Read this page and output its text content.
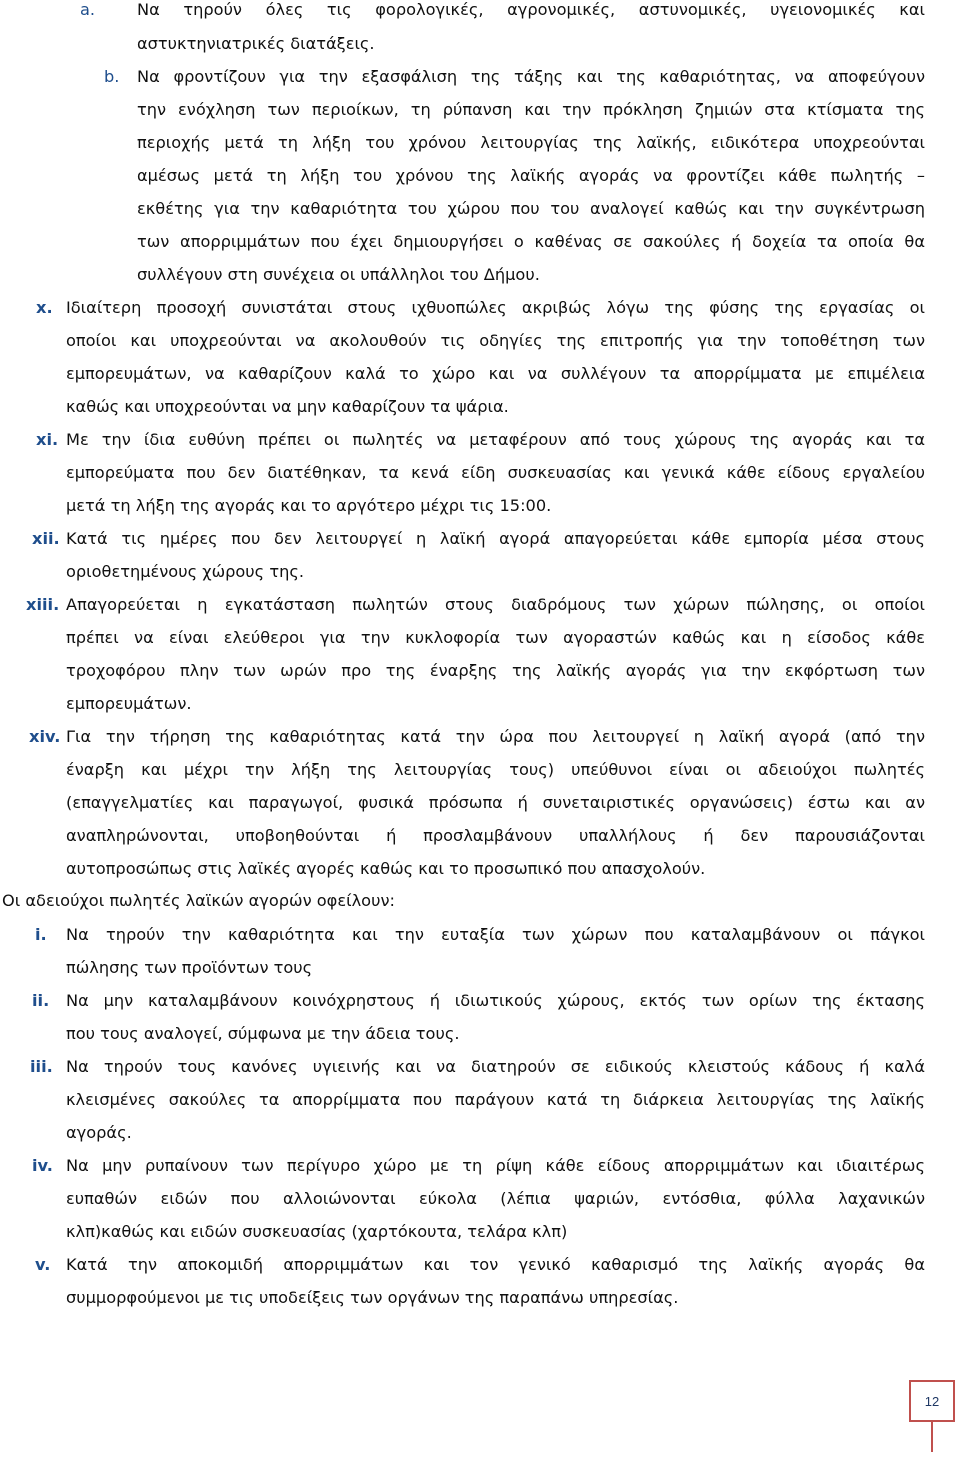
a.	Να τηρούν όλες τις φορολογικές, αγρονομικές, αστυνομικές, υγειονομικές και
αστυκτηνιατρικές διατάξεις.
b. Να φροντίζουν για την εξασφάλιση της τάξης και της καθαριότητας, να αποφεύγουν
την ενόχληση των περιοίκων, τη ρύπανση και την πρόκληση ζημιών στα κτίσματα της
περιοχής μετά τη λήξη του χρόνου λειτουργίας της λαϊκής, ειδικότερα υποχρεούνται
αμέσως μετά τη λήξη του χρόνου της λαϊκής αγοράς να φροντίζει κάθε πωλητής –
εκθέτης για την καθαριότητα του χώρου που του αναλογεί καθώς και την συγκέντρωση
των απορριμμάτων που έχει δημιουργήσει ο καθένας σε σακούλες ή δοχεία τα οποία θα
συλλέγουν στη συνέχεια οι υπάλληλοι του Δήμου.
x. Ιδιαίτερη προσοχή συνιστάται στους ιχθυοπώλες ακριβώς λόγω της φύσης της εργασίας οι
οποίοι και υποχρεούνται να ακολουθούν τις οδηγίες της επιτροπής για την τοποθέτηση των
εμπορευμάτων, να καθαρίζουν καλά το χώρο και να συλλέγουν τα απορρίμματα με επιμέλεια
καθώς και υποχρεούνται να μην καθαρίζουν τα ψάρια.
xi. Με την ίδια ευθύνη πρέπει οι πωλητές να μεταφέρουν από τους χώρους της αγοράς και τα
εμπορεύματα που δεν διατέθηκαν, τα κενά είδη συσκευασίας και γενικά κάθε είδους εργαλείου
μετά τη λήξη της αγοράς και το αργότερο μέχρι τις 15:00.
xii. Κατά τις ημέρες που δεν λειτουργεί η λαϊκή αγορά απαγορεύεται κάθε εμπορία μέσα στους
οριοθετημένους χώρους της.
xiii. Απαγορεύεται η εγκατάσταση πωλητών στους διαδρόμους των χώρων πώλησης, οι οποίοι
πρέπει να είναι ελεύθεροι για την κυκλοφορία των αγοραστών καθώς και η είσοδος κάθε
τροχοφόρου πλην των ωρών προ της έναρξης της λαϊκής αγοράς για την εκφόρτωση των
εμπορευμάτων.
xiv. Για την τήρηση της καθαριότητας κατά την ώρα που λειτουργεί η λαϊκή αγορά (από την
έναρξη και μέχρι την λήξη της λειτουργίας τους) υπεύθυνοι είναι οι αδειούχοι πωλητές
(επαγγελματίες και παραγωγοί, φυσικά πρόσωπα ή συνεταιριστικές οργανώσεις) έστω και αν
αναπληρώνονται, υποβοηθούνται ή προσλαμβάνουν υπαλλήλους ή δεν παρουσιάζονται
αυτοπροσώπως στις λαϊκές αγορές καθώς και το προσωπικό που απασχολούν.
Οι αδειούχοι πωλητές λαϊκών αγορών οφείλουν:
i. Να τηρούν την καθαριότητα και την ευταξία των χώρων που καταλαμβάνουν οι πάγκοι
πώλησης των προϊόντων τους
ii. Να μην καταλαμβάνουν κοινόχρηστους ή ιδιωτικούς χώρους, εκτός των ορίων της έκτασης
που τους αναλογεί, σύμφωνα με την άδεια τους.
iii. Να τηρούν τους κανόνες υγιεινής και να διατηρούν σε ειδικούς κλειστούς κάδους ή καλά
κλεισμένες σακούλες τα απορρίμματα που παράγουν κατά τη διάρκεια λειτουργίας της λαϊκής
αγοράς.
iv. Να μην ρυπαίνουν των περίγυρο χώρο με τη ρίψη κάθε είδους απορριμμάτων και ιδιαιτέρως
ευπαθών ειδών που αλλοιώνονται εύκολα (λέπια ψαριών, εντόσθια, φύλλα λαχανικών
κλπ)καθώς και ειδών συσκευασίας (χαρτόκουτα, τελάρα κλπ)
v. Κατά την αποκομιδή απορριμμάτων και τον γενικό καθαρισμό της λαϊκής αγοράς θα
συμμορφούμενοι με τις υποδείξεις των οργάνων της παραπάνω υπηρεσίας.
12
